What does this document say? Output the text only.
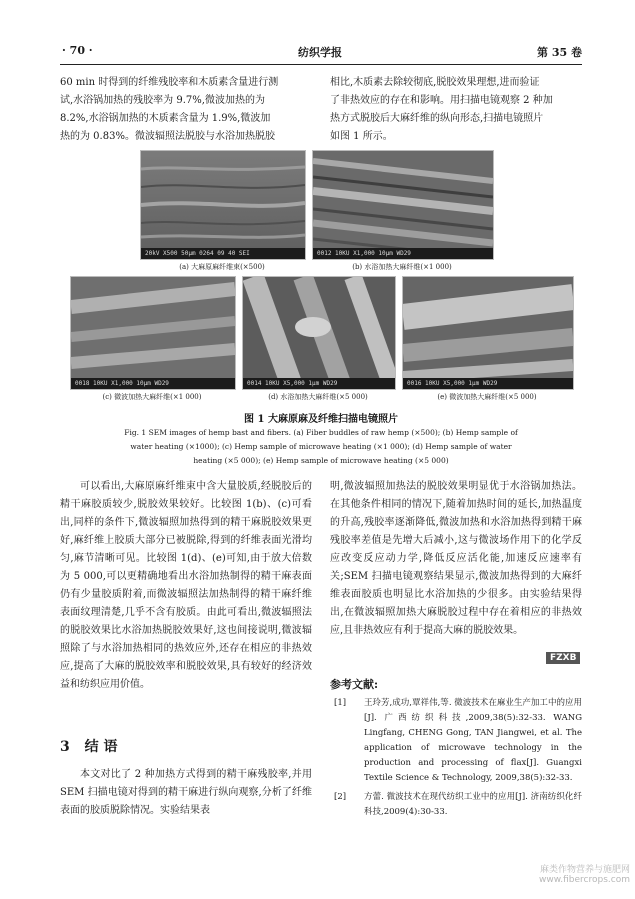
· 70 ·	纺织学报	第 35 卷

60 min 时得到的纤维残胶率和木质素含量进行测

试,水浴锅加热的残胶率为 9.7%,微波加热的为

8.2%,水浴锅加热的木质素含量为 1.9%,微波加

热的为 0.83%。微波辐照法脱胶与水浴加热脱胶

相比,木质素去除较彻底,脱胶效果理想,进而验证

了非热效应的存在和影响。用扫描电镜观察 2 种加

热方式脱胶后大麻纤维的纵向形态,扫描电镜照片

如图 1 所示。

20kV X500 50μm 0264 09 40 SEI	0012 10KU X1,000 10μm WD29
(a) 大麻原麻纤维束(×500)	(b) 水浴加热大麻纤维(×1 000)
0018 10KU X1,000 10μm WD29	0014 10KU X5,000 1μm WD29	0016 10KU X5,000 1μm WD29
(c) 微波加热大麻纤维(×1 000)	(d) 水浴加热大麻纤维(×5 000)	(e) 微波加热大麻纤维(×5 000)
图 1 大麻原麻及纤维扫描电镜照片
Fig. 1 SEM images of hemp bast and fibers. (a) Fiber buddles of raw hemp (×500); (b) Hemp sample of
water heating (×1000); (c) Hemp sample of microwave heating (×1 000); (d) Hemp sample of water
heating (×5 000); (e) Hemp sample of microwave heating (×5 000)

可以看出,大麻原麻纤维束中含大量胶质,经脱胶后的精干麻胶质较少,脱胶效果较好。比较图 1(b)、(c)可看出,同样的条件下,微波辐照加热得到的精干麻脱胶效果更好,麻纤维上胶质大部分已被脱除,得到的纤维表面光滑均匀,麻节清晰可见。比较图 1(d)、(e)可知,由于放大倍数为 5 000,可以更精确地看出水浴加热制得的精干麻表面仍有少量胶质附着,而微波辐照法加热制得的精干麻纤维表面纹理清楚,几乎不含有胶质。由此可看出,微波辐照法的脱胶效果比水浴加热脱胶效果好,这也间接说明,微波辐照除了与水浴加热相同的热效应外,还存在相应的非热效应,提高了大麻的脱胶效率和脱胶效果,具有较好的经济效益和纺织应用价值。

3 结 语

本文对比了 2 种加热方式得到的精干麻残胶率,并用 SEM 扫描电镜对得到的精干麻进行纵向观察,分析了纤维表面的胶质脱除情况。实验结果表

明,微波辐照加热法的脱胶效果明显优于水浴锅加热法。在其他条件相同的情况下,随着加热时间的延长,加热温度的升高,残胶率逐渐降低,微波加热和水浴加热得到精干麻残胶率差值是先增大后减小,这与微波场作用下的化学反应改变反应动力学,降低反应活化能,加速反应速率有关;SEM 扫描电镜观察结果显示,微波加热得到的大麻纤维表面胶质也明显比水浴加热的少很多。由实验结果得出,在微波辐照加热大麻脱胶过程中存在着相应的非热效应,且非热效应有利于提高大麻的脱胶效果。

FZXB
参考文献:
[1] 王玲芳,成功,覃祥伟,等. 微波技术在麻业生产加工中的应用[J]. 广西纺织科技,2009,38(5):32-33. WANG Lingfang, CHENG Gong, TAN Jiangwei, et al. The application of microwave technology in the production and processing of flax[J]. Guangxi Textile Science & Technology, 2009,38(5):32-33.
[2] 方蕾. 微波技术在现代纺织工业中的应用[J]. 济南纺织化纤科技,2009(4):30-33.
麻类作物营养与施肥网
www.fibercrops.com
